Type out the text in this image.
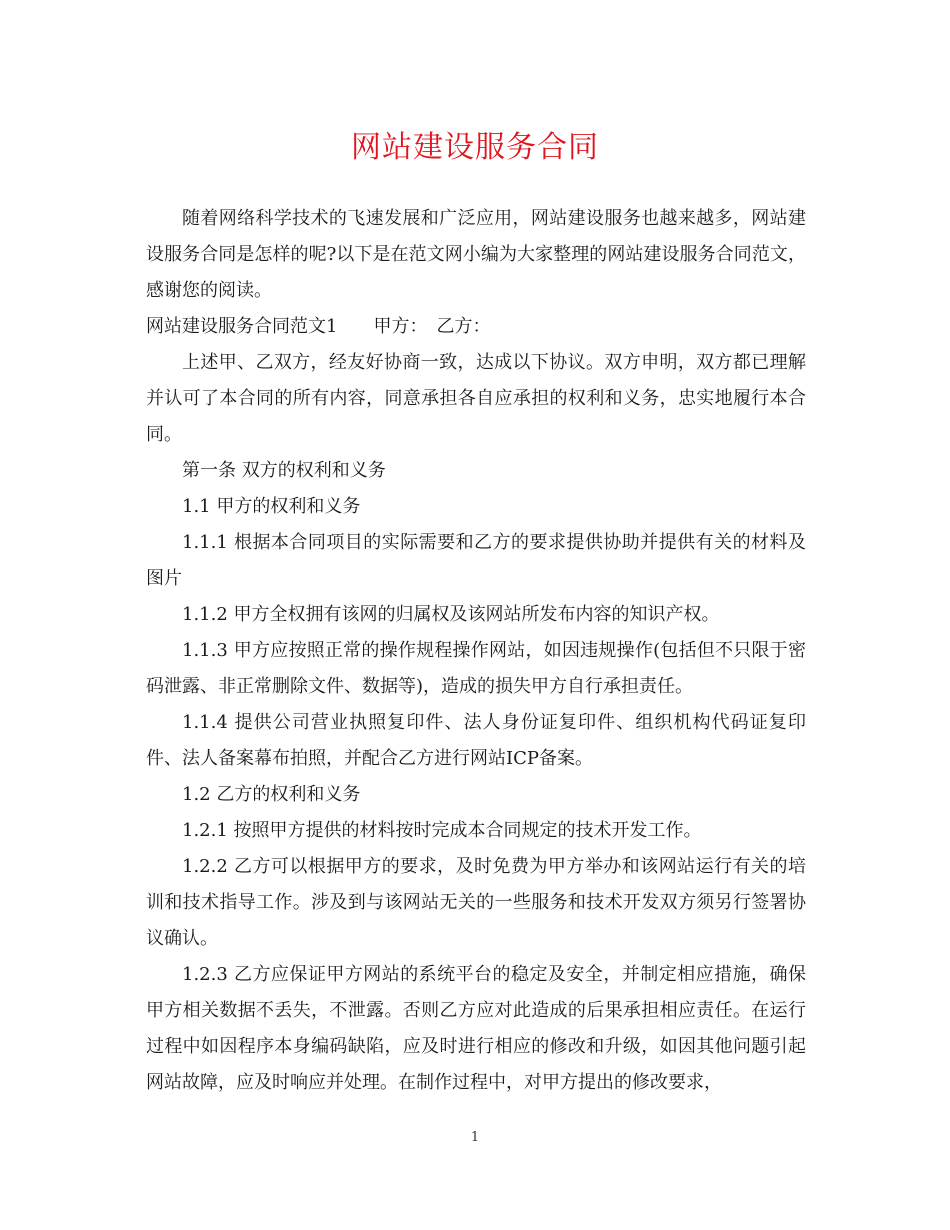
网站建设服务合同

随着网络科学技术的飞速发展和广泛应用，网站建设服务也越来越多，网站建设服务合同是怎样的呢?以下是在范文网小编为大家整理的网站建设服务合同范文，感谢您的阅读。

网站建设服务合同范文1　　甲方：　乙方：

上述甲、乙双方，经友好协商一致，达成以下协议。双方申明，双方都已理解并认可了本合同的所有内容，同意承担各自应承担的权利和义务，忠实地履行本合同。

第一条 双方的权利和义务

1.1 甲方的权利和义务

1.1.1 根据本合同项目的实际需要和乙方的要求提供协助并提供有关的材料及图片

1.1.2 甲方全权拥有该网的归属权及该网站所发布内容的知识产权。

1.1.3 甲方应按照正常的操作规程操作网站，如因违规操作(包括但不只限于密码泄露、非正常删除文件、数据等)，造成的损失甲方自行承担责任。

1.1.4 提供公司营业执照复印件、法人身份证复印件、组织机构代码证复印件、法人备案幕布拍照，并配合乙方进行网站ICP备案。

1.2 乙方的权利和义务

1.2.1 按照甲方提供的材料按时完成本合同规定的技术开发工作。

1.2.2 乙方可以根据甲方的要求，及时免费为甲方举办和该网站运行有关的培训和技术指导工作。涉及到与该网站无关的一些服务和技术开发双方须另行签署协议确认。

1.2.3 乙方应保证甲方网站的系统平台的稳定及安全，并制定相应措施，确保甲方相关数据不丢失，不泄露。否则乙方应对此造成的后果承担相应责任。在运行过程中如因程序本身编码缺陷，应及时进行相应的修改和升级，如因其他问题引起网站故障，应及时响应并处理。在制作过程中，对甲方提出的修改要求，

1
